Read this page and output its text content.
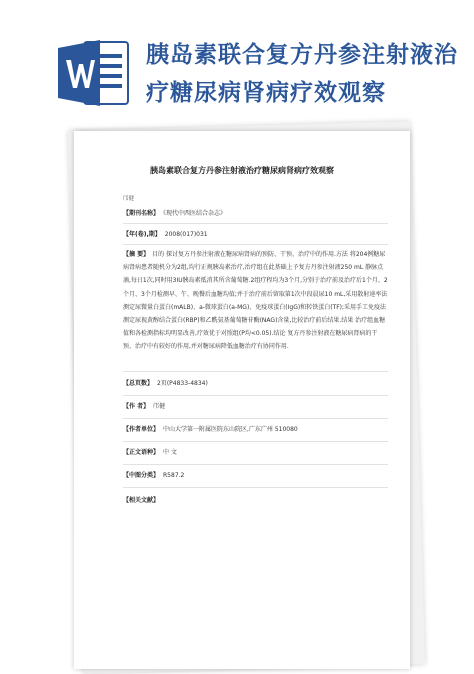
胰岛素联合复方丹参注射液治疗糖尿病肾病疗效观察
胰岛素联合复方丹参注射液治疗糖尿病肾病疗效观察
邝健
【期刊名称】 《现代中西医结合杂志》
【年(卷),期】 2008(017)031
【摘 要】 目的 探讨复方丹参注射液在糖尿病肾病的预防、干预、治疗中的作用.方法 将204例糖尿病肾病患者随机分为2组,均行正规胰岛素治疗,治疗组在此基础上予复方丹参注射液250 mL 静脉点滴,每日1次,同时用3IU胰岛素抵消其所含葡萄糖.2组疗程均为3个月,分别于治疗前及治疗后1个月、2个月、3个月检测早、午、晚餐后血糖均值;并于治疗前后留取第1次中段晨尿10 mL,采用散射速率法测定尿微量白蛋白(mALB)、a-微球蛋白(a-MG)、免疫球蛋白(IgG)和转铁蛋白(TF);采用手工免疫法测定尿视黄醇结合蛋白(RBP)和乙酰氨基葡萄糖苷酶(NAG)含量,比较治疗前后结果.结果 治疗组血糖值和各检测指标均明显改善,疗效优于对照组(P均<0.05).结论 复方丹参注射液在糖尿病肾病的干预、治疗中有较好的作用,并对糖尿病降低血糖治疗有协同作用.
【总页数】 2页(P4833-4834)
【作 者】 邝健
【作者单位】 中山大学第一附属医院东山院区,广东广州 510080
【正文语种】 中 文
【中图分类】 R587.2
【相关文献】
